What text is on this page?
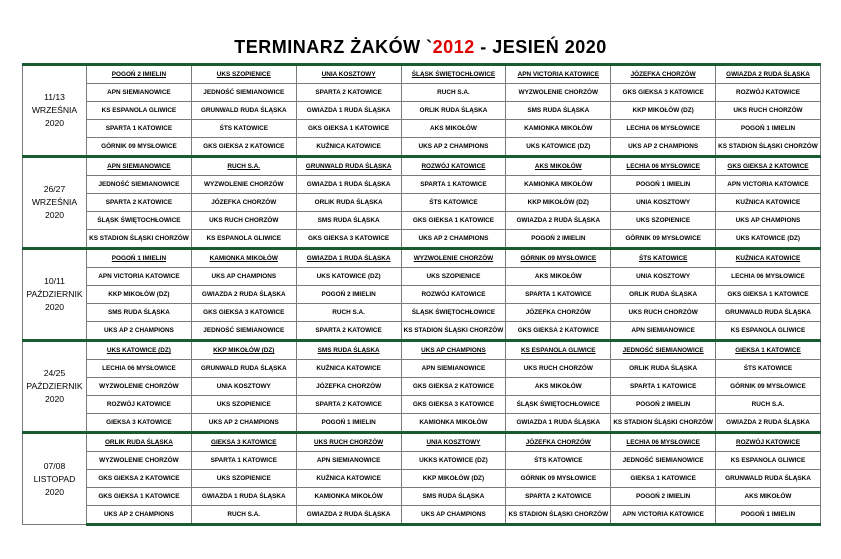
TERMINARZ ŻAKÓW `2012 - JESIEŃ 2020
11/13
WRZEŚNIA
2020	POGOŃ 2 IMIELIN	UKS SZOPIENICE	UNIA KOSZTOWY	ŚLĄSK ŚWIĘTOCHŁOWICE	APN VICTORIA KATOWICE	JÓZEFKA CHORZÓW	GWIAZDA 2 RUDA ŚLĄSKA
	APN SIEMIANOWICE	JEDNOŚĆ SIEMIANOWICE	SPARTA 2 KATOWICE	RUCH S.A.	WYZWOLENIE CHORZÓW	GKS GIEKSA 3 KATOWICE	ROZWÓJ KATOWICE
	KS ESPANOLA GLIWICE	GRUNWALD RUDA ŚLĄSKA	GWIAZDA 1 RUDA ŚLĄSKA	ORLIK RUDA ŚLĄSKA	SMS RUDA ŚLĄSKA	KKP MIKOŁÓW (DZ)	UKS RUCH CHORZÓW
	SPARTA 1 KATOWICE	ŚTS KATOWICE	GKS GIEKSA 1 KATOWICE	AKS MIKOŁÓW	KAMIONKA MIKOŁÓW	LECHIA 06 MYSŁOWICE	POGOŃ 1 IMIELIN
	GÓRNIK 09 MYSŁOWICE	GKS GIEKSA 2 KATOWICE	KUŹNICA KATOWICE	UKS AP 2 CHAMPIONS	UKS KATOWICE (DZ)	UKS AP 2 CHAMPIONS	KS STADION ŚLĄSKI CHORZÓW

26/27
WRZEŚNIA
2020	APN SIEMIANOWICE	RUCH S.A.	GRUNWALD RUDA ŚLĄSKA	ROZWÓJ KATOWICE	AKS MIKOŁÓW	LECHIA 06 MYSŁOWICE	GKS GIEKSA 2 KATOWICE
	JEDNOŚĆ SIEMIANOWICE	WYZWOLENIE CHORZÓW	GWIAZDA 1 RUDA ŚLĄSKA	SPARTA 1 KATOWICE	KAMIONKA MIKOŁÓW	POGOŃ 1 IMIELIN	APN VICTORIA KATOWICE
	SPARTA 2 KATOWICE	JÓZEFKA CHORZÓW	ORLIK RUDA ŚLĄSKA	ŚTS KATOWICE	KKP MIKOŁÓW (DZ)	UNIA KOSZTOWY	KUŹNICA KATOWICE
	ŚLĄSK ŚWIĘTOCHŁOWICE	UKS RUCH CHORZÓW	SMS RUDA ŚLĄSKA	GKS GIEKSA 1 KATOWICE	GWIAZDA 2 RUDA ŚLĄSKA	UKS SZOPIENICE	UKS AP CHAMPIONS
	KS STADION ŚLĄSKI CHORZÓW	KS ESPANOLA GLIWICE	GKS GIEKSA 3 KATOWICE	UKS AP 2 CHAMPIONS	POGOŃ 2 IMIELIN	GÓRNIK 09 MYSŁOWICE	UKS KATOWICE (DZ)

10/11
PAŹDZIERNIK
2020	POGOŃ 1 IMIELIN	KAMIONKA MIKOŁÓW	GWIAZDA 1 RUDA ŚLĄSKA	WYZWOLENIE CHORZÓW	GÓRNIK 09 MYSŁOWICE	ŚTS KATOWICE	KUŹNICA KATOWICE
	APN VICTORIA KATOWICE	UKS AP CHAMPIONS	UKS KATOWICE (DZ)	UKS SZOPIENICE	AKS MIKOŁÓW	UNIA KOSZTOWY	LECHIA 06 MYSŁOWICE
	KKP MIKOŁÓW (DZ)	GWIAZDA 2 RUDA ŚLĄSKA	POGOŃ 2 IMIELIN	ROZWÓJ KATOWICE	SPARTA 1 KATOWICE	ORLIK RUDA ŚLĄSKA	GKS GIEKSA 1 KATOWICE
	SMS RUDA ŚLĄSKA	GKS GIEKSA 3 KATOWICE	RUCH S.A.	ŚLĄSK ŚWIĘTOCHŁOWICE	JÓZEFKA CHORZÓW	UKS RUCH CHORZÓW	GRUNWALD RUDA ŚLĄSKA
	UKS AP 2 CHAMPIONS	JEDNOŚĆ SIEMIANOWICE	SPARTA 2 KATOWICE	KS STADION ŚLĄSKI CHORZÓW	GKS GIEKSA 2 KATOWICE	APN SIEMIANOWICE	KS ESPANOLA GLIWICE

24/25
PAŹDZIERNIK
2020	UKS KATOWICE (DZ)	KKP MIKOŁÓW (DZ)	SMS RUDA ŚLĄSKA	UKS AP CHAMPIONS	KS ESPANOLA GLIWICE	JEDNOŚĆ SIEMIANOWICE	GIEKSA 1 KATOWICE
	LECHIA 06 MYSŁOWICE	GRUNWALD RUDA ŚLĄSKA	KUŹNICA KATOWICE	APN SIEMIANOWICE	UKS RUCH CHORZÓW	ORLIK RUDA ŚLĄSKA	ŚTS KATOWICE
	WYZWOLENIE CHORZÓW	UNIA KOSZTOWY	JÓZEFKA CHORZÓW	GKS GIEKSA 2 KATOWICE	AKS MIKOŁÓW	SPARTA 1 KATOWICE	GÓRNIK 09 MYSŁOWICE
	ROZWÓJ KATOWICE	UKS SZOPIENICE	SPARTA 2 KATOWICE	GKS GIEKSA 3 KATOWICE	ŚLĄSK ŚWIĘTOCHŁOWICE	POGOŃ 2 IMIELIN	RUCH S.A.
	GIEKSA 3 KATOWICE	UKS AP 2 CHAMPIONS	POGOŃ 1 IMIELIN	KAMIONKA MIKOŁÓW	GWIAZDA 1 RUDA ŚLĄSKA	KS STADION ŚLĄSKI CHORZÓW	GWIAZDA 2 RUDA ŚLĄSKA

07/08
LISTOPAD
2020	ORLIK RUDA ŚLĄSKA	GIEKSA 3 KATOWICE	UKS RUCH CHORZÓW	UNIA KOSZTOWY	JÓZEFKA CHORZÓW	LECHIA 06 MYSŁOWICE	ROZWÓJ KATOWICE
	WYZWOLENIE CHORZÓW	SPARTA 1 KATOWICE	APN SIEMIANOWICE	UKKS KATOWICE (DZ)	ŚTS KATOWICE	JEDNOŚĆ SIEMIANOWICE	KS ESPANOLA GLIWICE
	GKS GIEKSA 2 KATOWICE	UKS SZOPIENICE	KUŹNICA KATOWICE	KKP MIKOŁÓW (DZ)	GÓRNIK 09 MYSŁOWICE	GIEKSA 1 KATOWICE	GRUNWALD RUDA ŚLĄSKA
	GKS GIEKSA 1 KATOWICE	GWIAZDA 1 RUDA ŚLĄSKA	KAMIONKA MIKOŁÓW	SMS RUDA ŚLĄSKA	SPARTA 2 KATOWICE	POGOŃ 2 IMIELIN	AKS MIKOŁÓW
	UKS AP 2 CHAMPIONS	RUCH S.A.	GWIAZDA 2 RUDA ŚLĄSKA	UKS AP CHAMPIONS	KS STADION ŚLĄSKI CHORZÓW	APN VICTORIA KATOWICE	POGOŃ 1 IMIELIN
